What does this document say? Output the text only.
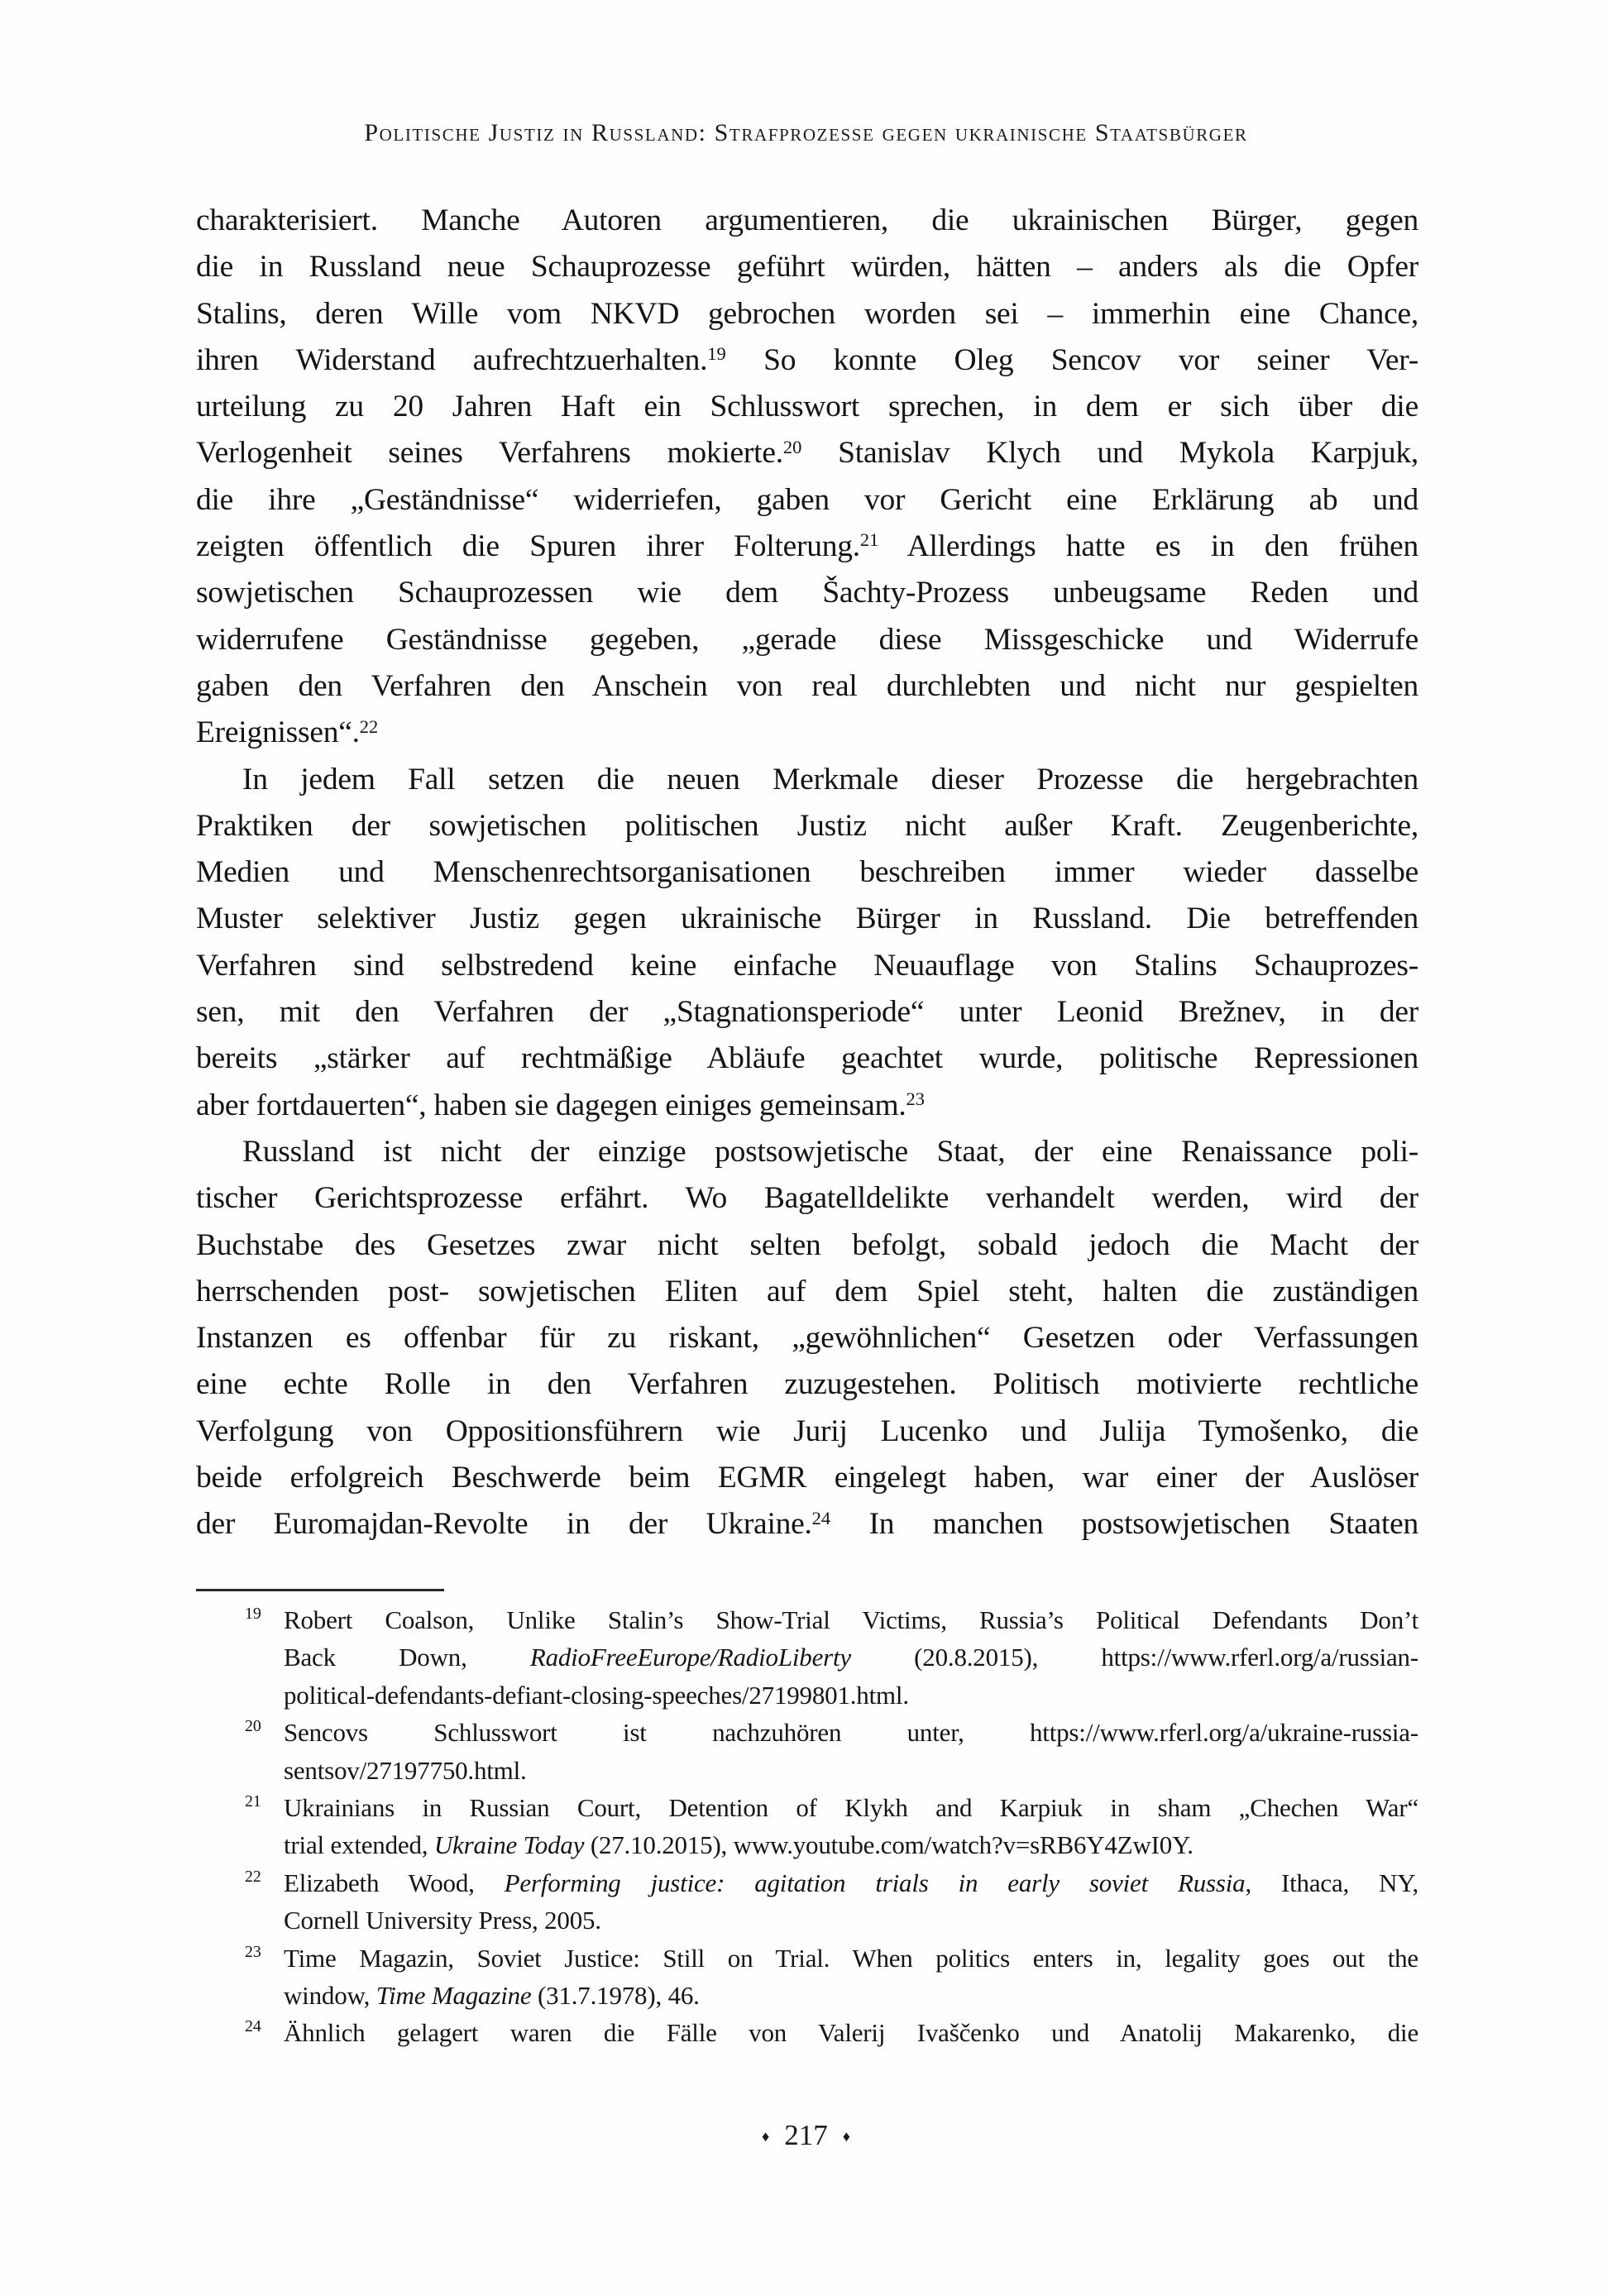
Politische Justiz in Russland: Strafprozesse gegen ukrainische Staatsbürger
charakterisiert. Manche Autoren argumentieren, die ukrainischen Bürger, gegen
die in Russland neue Schauprozesse geführt würden, hätten – anders als die Opfer
Stalins, deren Wille vom NKVD gebrochen worden sei – immerhin eine Chance,
ihren Widerstand aufrechtzuerhalten.$^{19}$ So konnte Oleg Sencov vor seiner Ver-
urteilung zu 20 Jahren Haft ein Schlusswort sprechen, in dem er sich über die
Verlogenheit seines Verfahrens mokierte.$^{20}$ Stanislav Klych und Mykola Karpjuk,
die ihre „Geständnisse“ widerriefen, gaben vor Gericht eine Erklärung ab und
zeigten öffentlich die Spuren ihrer Folterung.$^{21}$ Allerdings hatte es in den frühen
sowjetischen Schauprozessen wie dem Šachty-Prozess unbeugsame Reden und
widerrufene Geständnisse gegeben, „gerade diese Missgeschicke und Widerrufe
gaben den Verfahren den Anschein von real durchlebten und nicht nur gespielten
Ereignissen“.$^{22}$
In jedem Fall setzen die neuen Merkmale dieser Prozesse die hergebrachten
Praktiken der sowjetischen politischen Justiz nicht außer Kraft. Zeugenberichte,
Medien und Menschenrechtsorganisationen beschreiben immer wieder dasselbe
Muster selektiver Justiz gegen ukrainische Bürger in Russland. Die betreffenden
Verfahren sind selbstredend keine einfache Neuauflage von Stalins Schauprozes-
sen, mit den Verfahren der „Stagnationsperiode“ unter Leonid Brežnev, in der
bereits „stärker auf rechtmäßige Abläufe geachtet wurde, politische Repressionen
aber fortdauerten“, haben sie dagegen einiges gemeinsam.$^{23}$
Russland ist nicht der einzige postsowjetische Staat, der eine Renaissance poli-
tischer Gerichtsprozesse erfährt. Wo Bagatelldelikte verhandelt werden, wird der
Buchstabe des Gesetzes zwar nicht selten befolgt, sobald jedoch die Macht der
herrschenden post- sowjetischen Eliten auf dem Spiel steht, halten die zuständigen
Instanzen es offenbar für zu riskant, „gewöhnlichen“ Gesetzen oder Verfassungen
eine echte Rolle in den Verfahren zuzugestehen. Politisch motivierte rechtliche
Verfolgung von Oppositionsführern wie Jurij Lucenko und Julija Tymošenko, die
beide erfolgreich Beschwerde beim EGMR eingelegt haben, war einer der Auslöser
der Euromajdan-Revolte in der Ukraine.$^{24}$ In manchen postsowjetischen Staaten
19 Robert Coalson, Unlike Stalin’s Show-Trial Victims, Russia’s Political Defendants Don’t
Back Down, RadioFreeEurope/RadioLiberty (20.8.2015), https://www.rferl.org/a/russian-
political-defendants-defiant-closing-speeches/27199801.html.
20 Sencovs Schlusswort ist nachzuhören unter, https://www.rferl.org/a/ukraine-russia-
sentsov/27197750.html.
21 Ukrainians in Russian Court, Detention of Klykh and Karpiuk in sham „Chechen War“
trial extended, Ukraine Today (27.10.2015), www.youtube.com/watch?v=sRB6Y4ZwI0Y.
22 Elizabeth Wood, Performing justice: agitation trials in early soviet Russia, Ithaca, NY,
Cornell University Press, 2005.
23 Time Magazin, Soviet Justice: Still on Trial. When politics enters in, legality goes out the
window, Time Magazine (31.7.1978), 46.
24 Ähnlich gelagert waren die Fälle von Valerij Ivaščenko und Anatolij Makarenko, die
♦ 217 ♦
